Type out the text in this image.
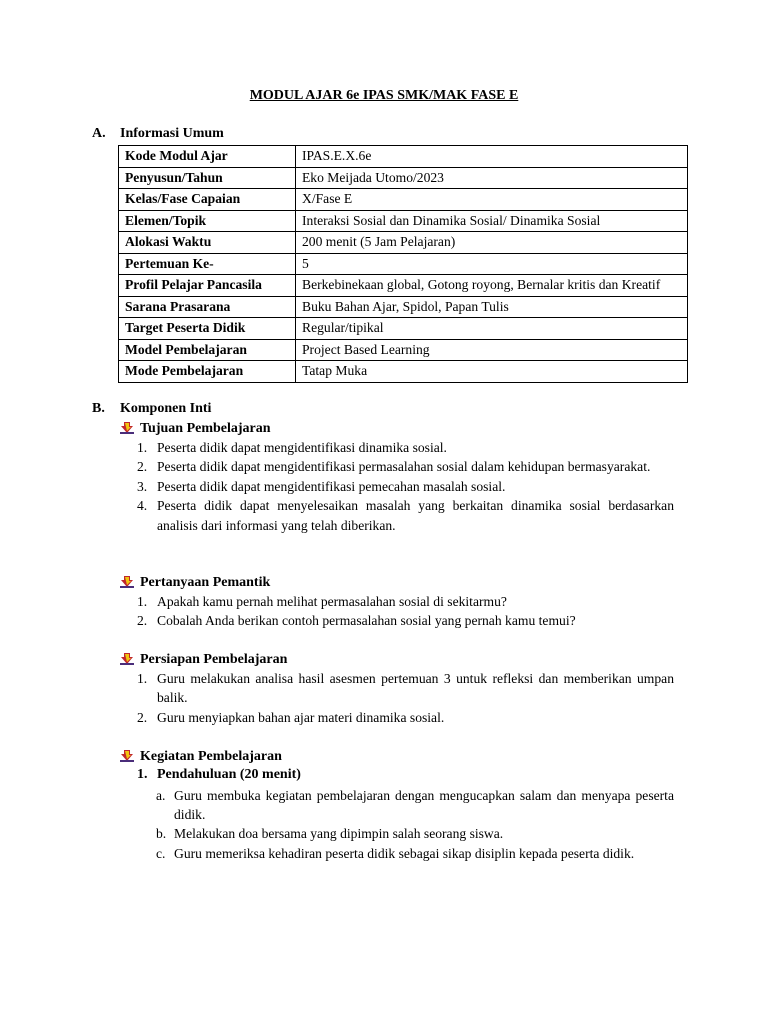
MODUL AJAR 6e IPAS SMK/MAK FASE E
A. Informasi Umum
Kode Modul Ajar	IPAS.E.X.6e
Penyusun/Tahun	Eko Meijada Utomo/2023
Kelas/Fase Capaian	X/Fase E
Elemen/Topik	Interaksi Sosial dan Dinamika Sosial/ Dinamika Sosial
Alokasi Waktu	200 menit (5 Jam Pelajaran)
Pertemuan Ke-	5
Profil Pelajar Pancasila	Berkebinekaan global, Gotong royong, Bernalar kritis dan Kreatif
Sarana Prasarana	Buku Bahan Ajar, Spidol, Papan Tulis
Target Peserta Didik	Regular/tipikal
Model Pembelajaran	Project Based Learning
Mode Pembelajaran	Tatap Muka
B. Komponen Inti
Tujuan Pembelajaran
1. Peserta didik dapat mengidentifikasi dinamika sosial.
2. Peserta didik dapat mengidentifikasi permasalahan sosial dalam kehidupan bermasyarakat.
3. Peserta didik dapat mengidentifikasi pemecahan masalah sosial.
4. Peserta didik dapat menyelesaikan masalah yang berkaitan dinamika sosial berdasarkan analisis dari informasi yang telah diberikan.
Pertanyaan Pemantik
1. Apakah kamu pernah melihat permasalahan sosial di sekitarmu?
2. Cobalah Anda berikan contoh permasalahan sosial yang pernah kamu temui?
Persiapan Pembelajaran
1. Guru melakukan analisa hasil asesmen pertemuan 3 untuk refleksi dan memberikan umpan balik.
2. Guru menyiapkan bahan ajar materi dinamika sosial.
Kegiatan Pembelajaran
1. Pendahuluan (20 menit)
a. Guru membuka kegiatan pembelajaran dengan mengucapkan salam dan menyapa peserta didik.
b. Melakukan doa bersama yang dipimpin salah seorang siswa.
c. Guru memeriksa kehadiran peserta didik sebagai sikap disiplin kepada peserta didik.
